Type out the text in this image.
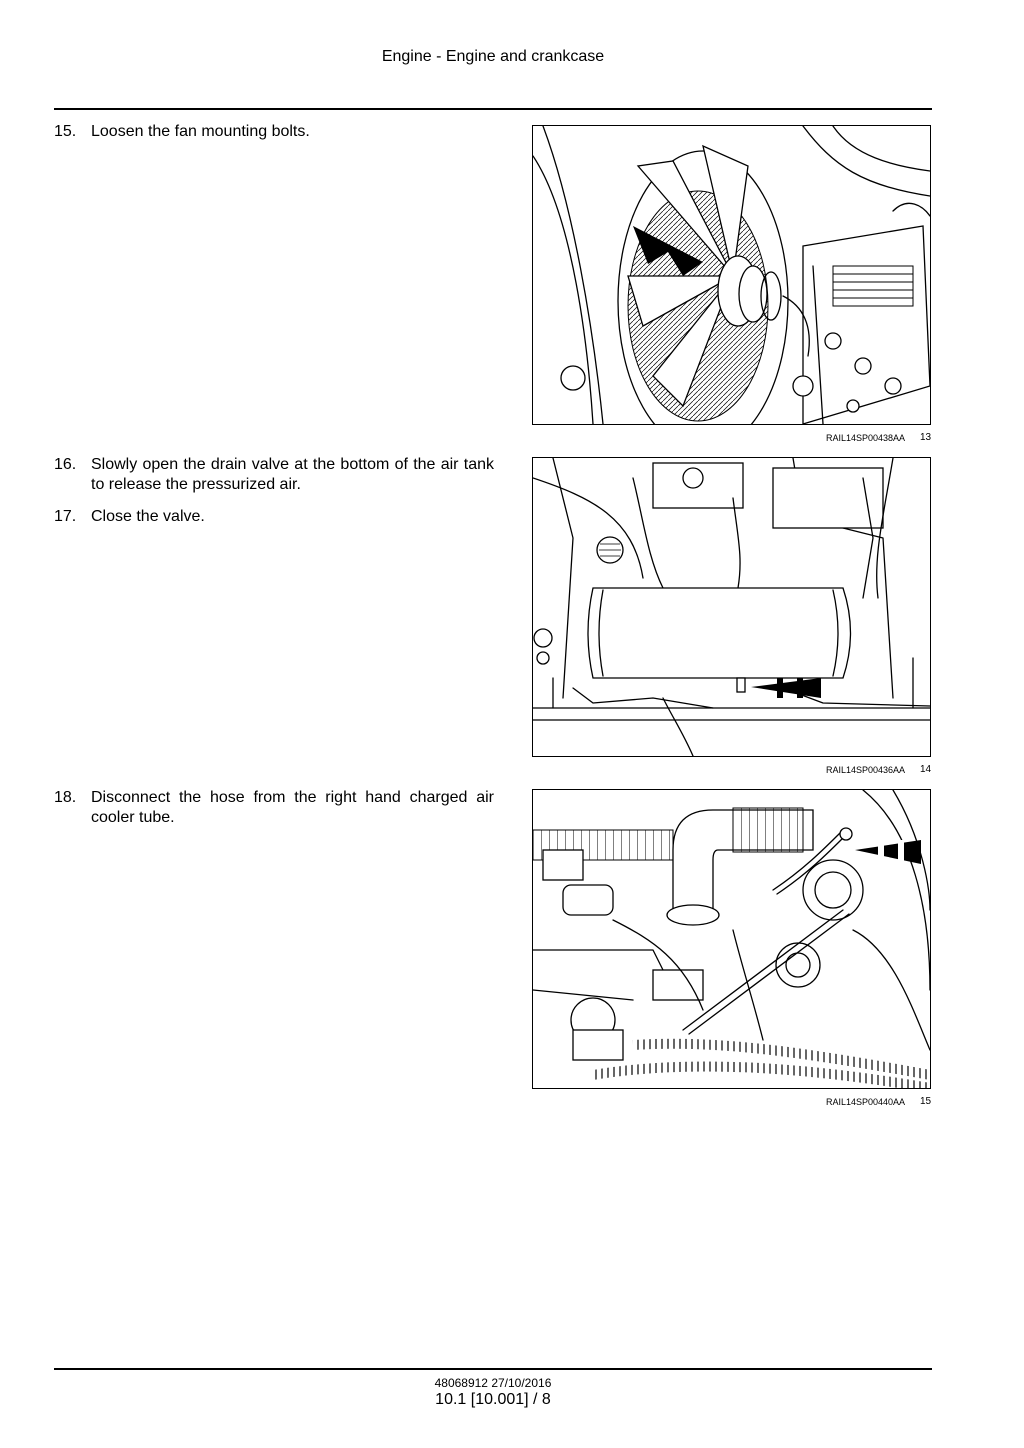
Engine - Engine and crankcase
15. Loosen the fan mounting bolts.
RAIL14SP00438AA 13
16. Slowly open the drain valve at the bottom of the air tank to release the pressurized air.
17. Close the valve.
RAIL14SP00436AA 14
18. Disconnect the hose from the right hand charged air cooler tube.
RAIL14SP00440AA 15
48068912 27/10/2016
10.1 [10.001] / 8
